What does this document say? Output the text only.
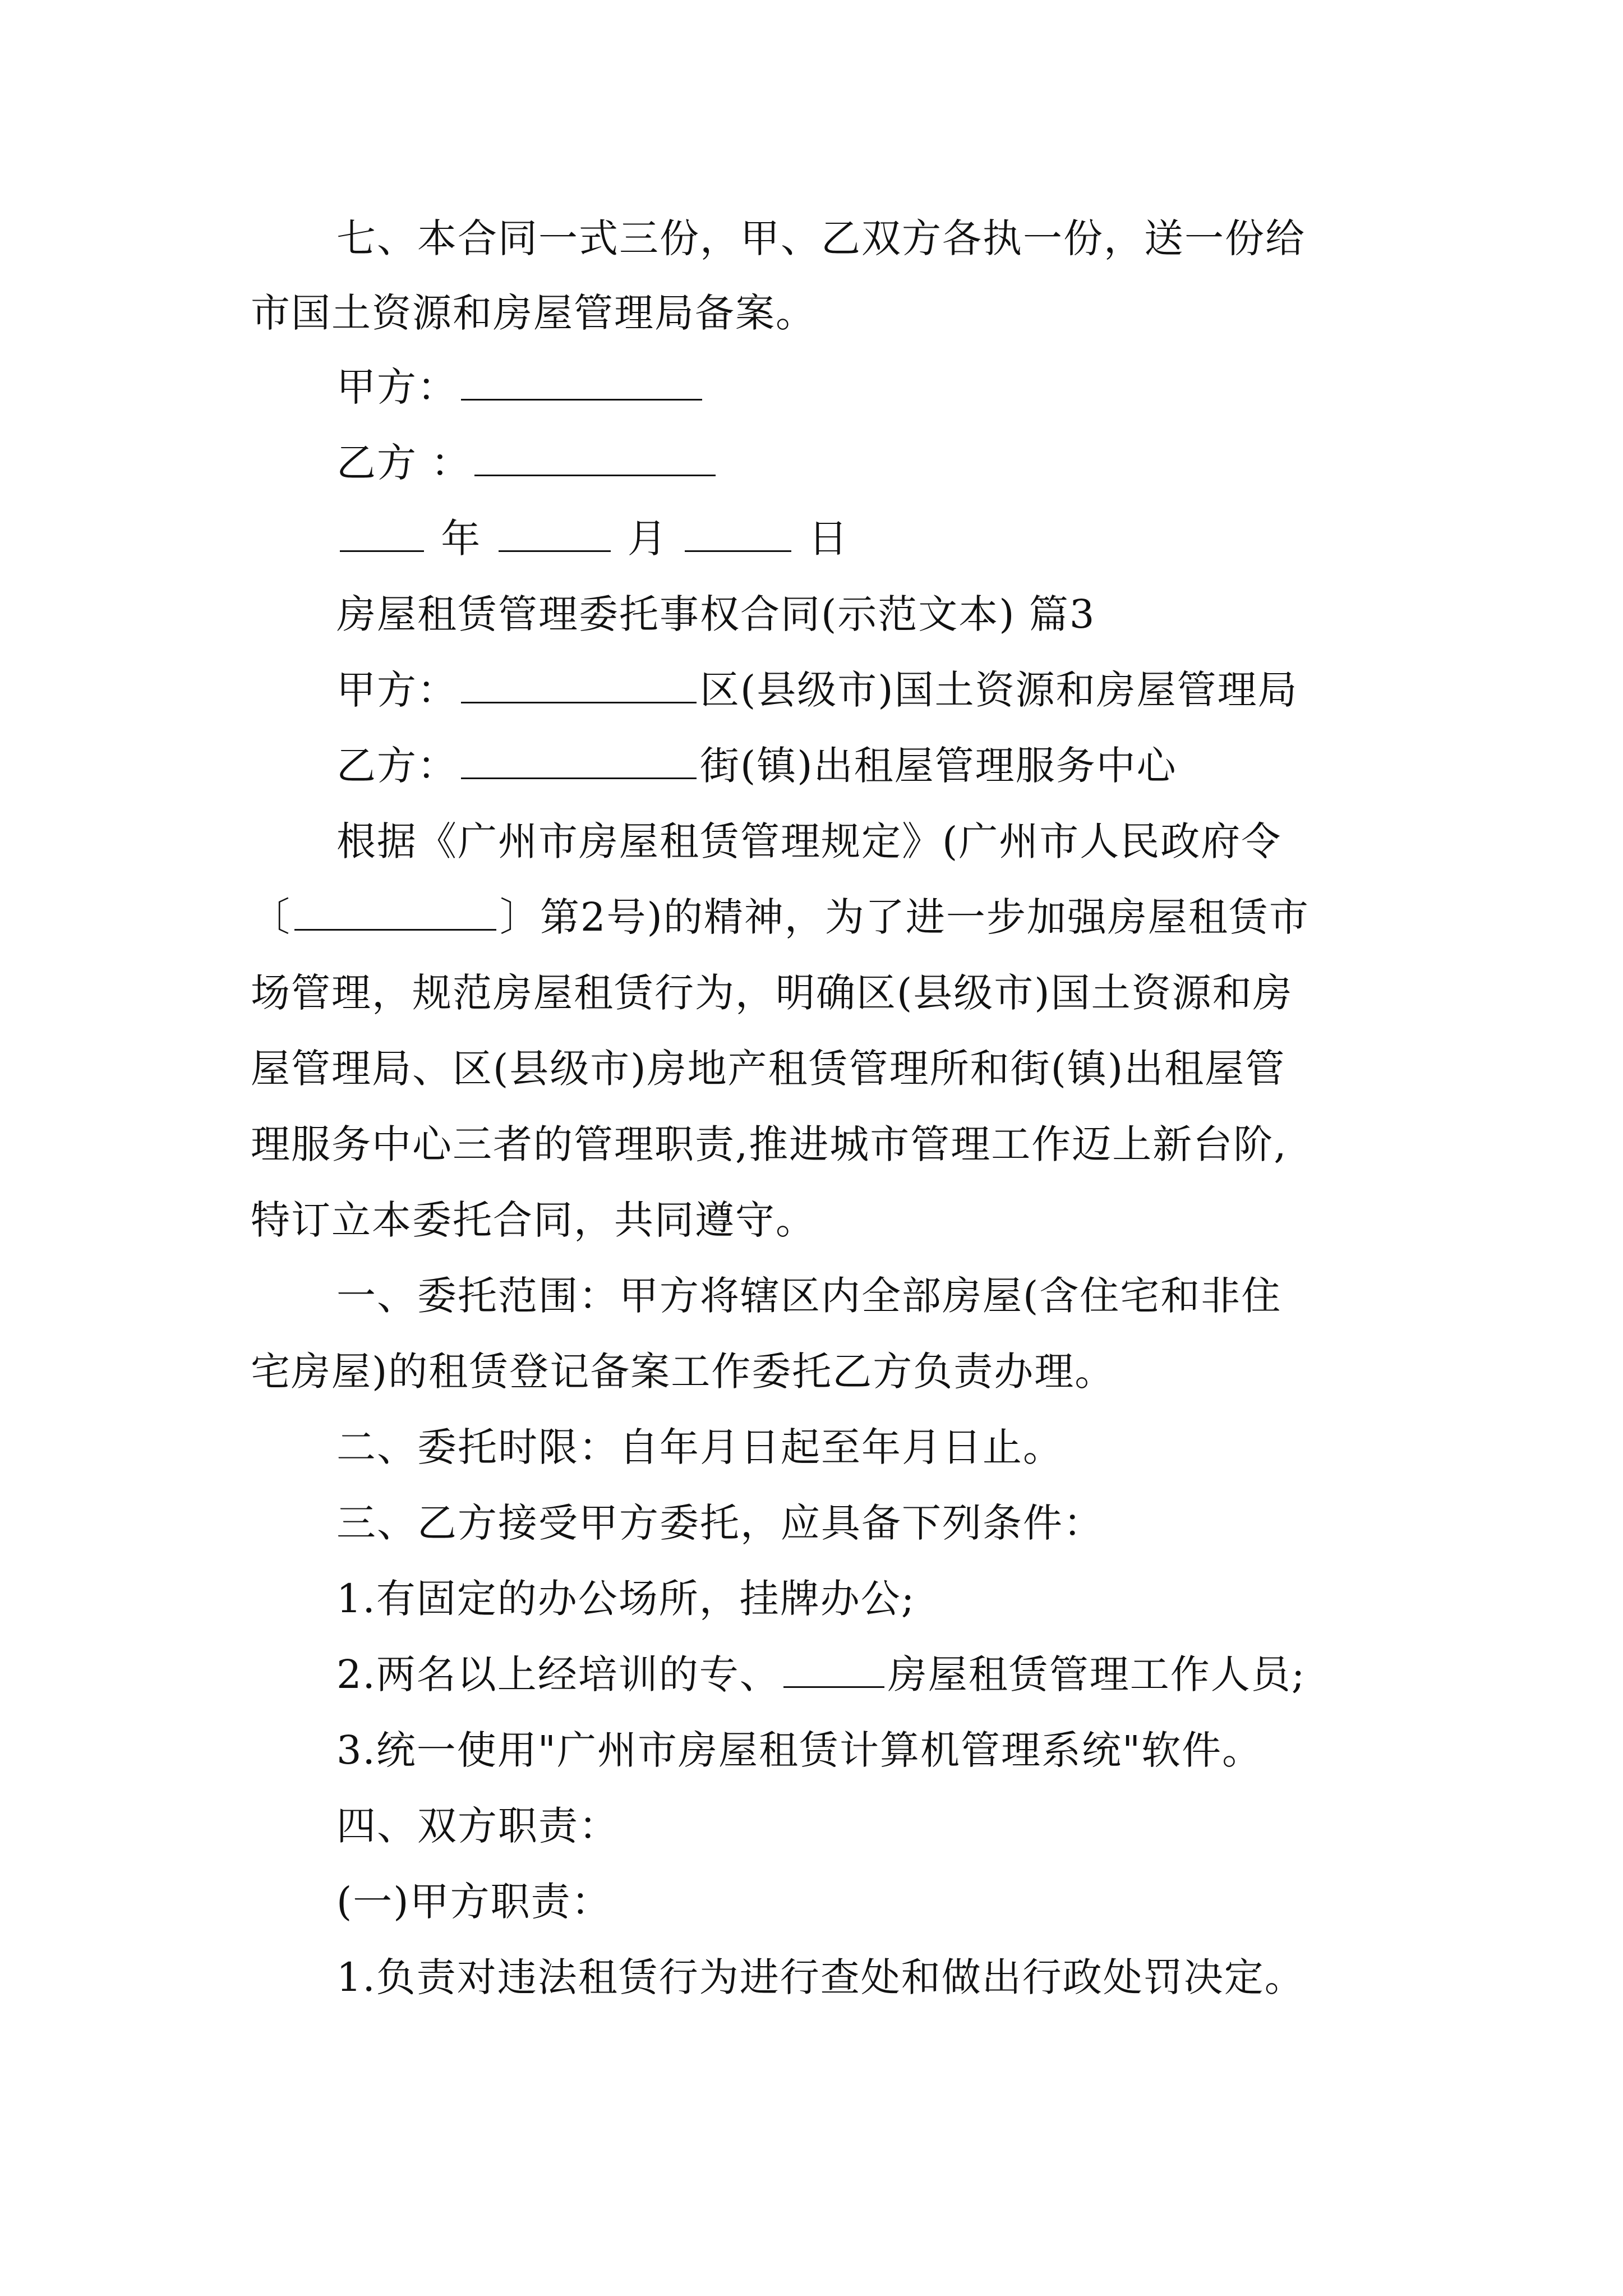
七、本合同一式三份，甲、乙双方各执一份，送一份给
市国土资源和房屋管理局备案。
甲方：
乙方 ：
年	月	日
房屋租赁管理委托事权合同(示范文本) 篇3
甲方：	区(县级市)国土资源和房屋管理局
乙方：	街(镇)出租屋管理服务中心
根据《广州市房屋租赁管理规定》(广州市人民政府令
〔	〕第2号)的精神，为了进一步加强房屋租赁市
场管理，规范房屋租赁行为，明确区(县级市)国土资源和房
屋管理局、区(县级市)房地产租赁管理所和街(镇)出租屋管
理服务中心三者的管理职责,推进城市管理工作迈上新台阶,
特订立本委托合同，共同遵守。
一、委托范围：甲方将辖区内全部房屋(含住宅和非住
宅房屋)的租赁登记备案工作委托乙方负责办理。
二、委托时限：自年月日起至年月日止。
三、乙方接受甲方委托，应具备下列条件：
1.有固定的办公场所，挂牌办公;
2.两名以上经培训的专、	房屋租赁管理工作人员;
3.统一使用"广州市房屋租赁计算机管理系统"软件。
四、双方职责：
(一)甲方职责：
1.负责对违法租赁行为进行查处和做出行政处罚决定。
